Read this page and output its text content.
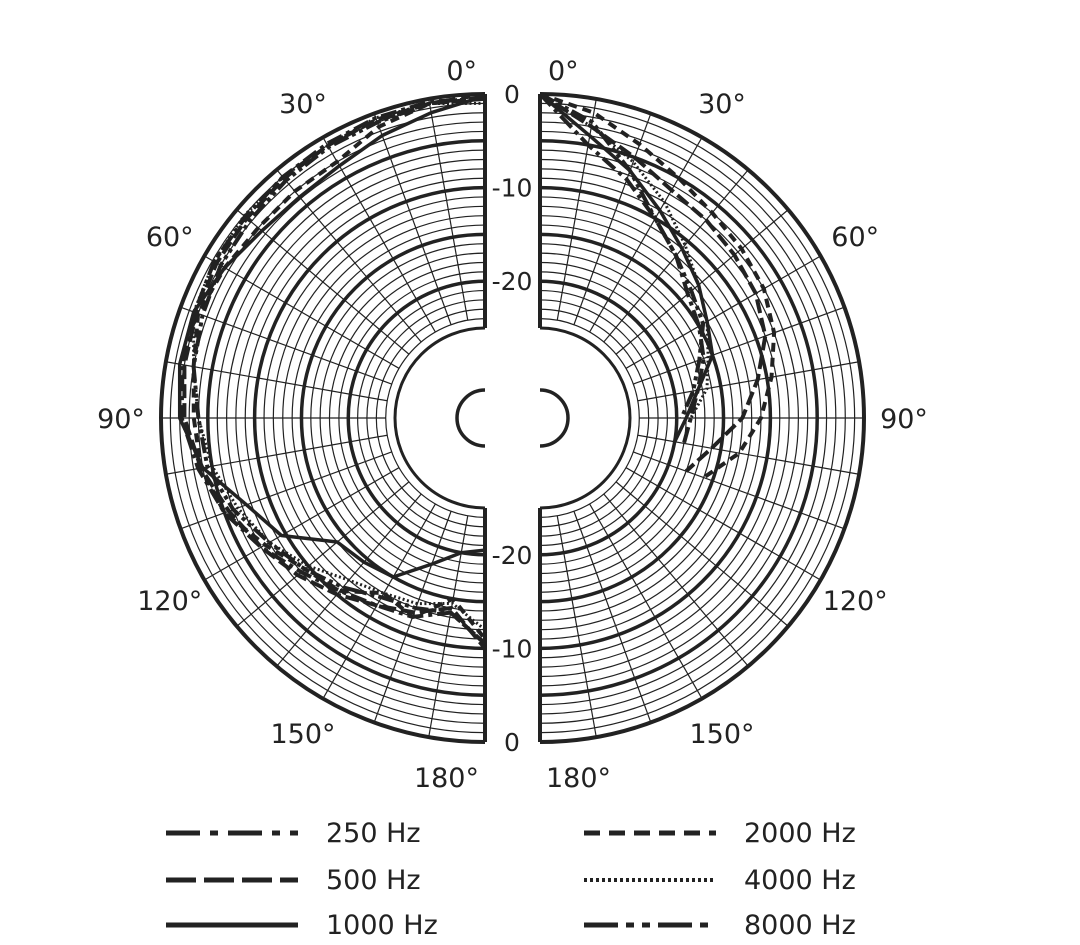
0°
30°
60°
90°
120°
150°
180°
0°
30°
60°
90°
120°
150°
180°
0
-10
-20
-20
-10
0
250 Hz
500 Hz
1000 Hz
2000 Hz
4000 Hz
8000 Hz
